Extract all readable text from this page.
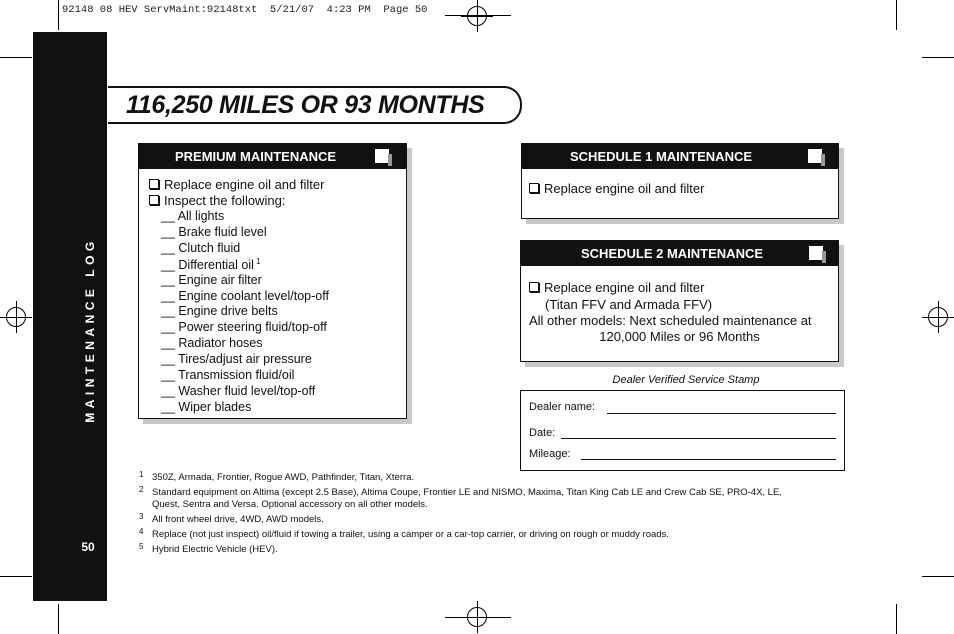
92148 08 HEV ServMaint:92148txt  5/21/07  4:23 PM  Page 50
MAINTENANCE LOG
50
116,250 MILES OR 93 MONTHS
PREMIUM MAINTENANCE
Replace engine oil and filter
Inspect the following:
__ All lights
__ Brake fluid level
__ Clutch fluid
__ Differential oil $^1$
__ Engine air filter
__ Engine coolant level/top-off
__ Engine drive belts
__ Power steering fluid/top-off
__ Radiator hoses
__ Tires/adjust air pressure
__ Transmission fluid/oil
__ Washer fluid level/top-off
__ Wiper blades
SCHEDULE 1 MAINTENANCE
Replace engine oil and filter
SCHEDULE 2 MAINTENANCE
Replace engine oil and filter
(Titan FFV and Armada FFV)
All other models: Next scheduled maintenance at
120,000 Miles or 96 Months
Dealer Verified Service Stamp
Dealer name:
Date:
Mileage:
1 350Z, Armada, Frontier, Rogue AWD, Pathfinder, Titan, Xterra.
2 Standard equipment on Altima (except 2.5 Base), Altima Coupe, Frontier LE and NISMO, Maxima, Titan King Cab LE and Crew Cab SE, PRO-4X, LE,
Quest, Sentra and Versa. Optional accessory on all other models.
3 All front wheel drive, 4WD, AWD models.
4 Replace (not just inspect) oil/fluid if towing a trailer, using a camper or a car-top carrier, or driving on rough or muddy roads.
5 Hybrid Electric Vehicle (HEV).
